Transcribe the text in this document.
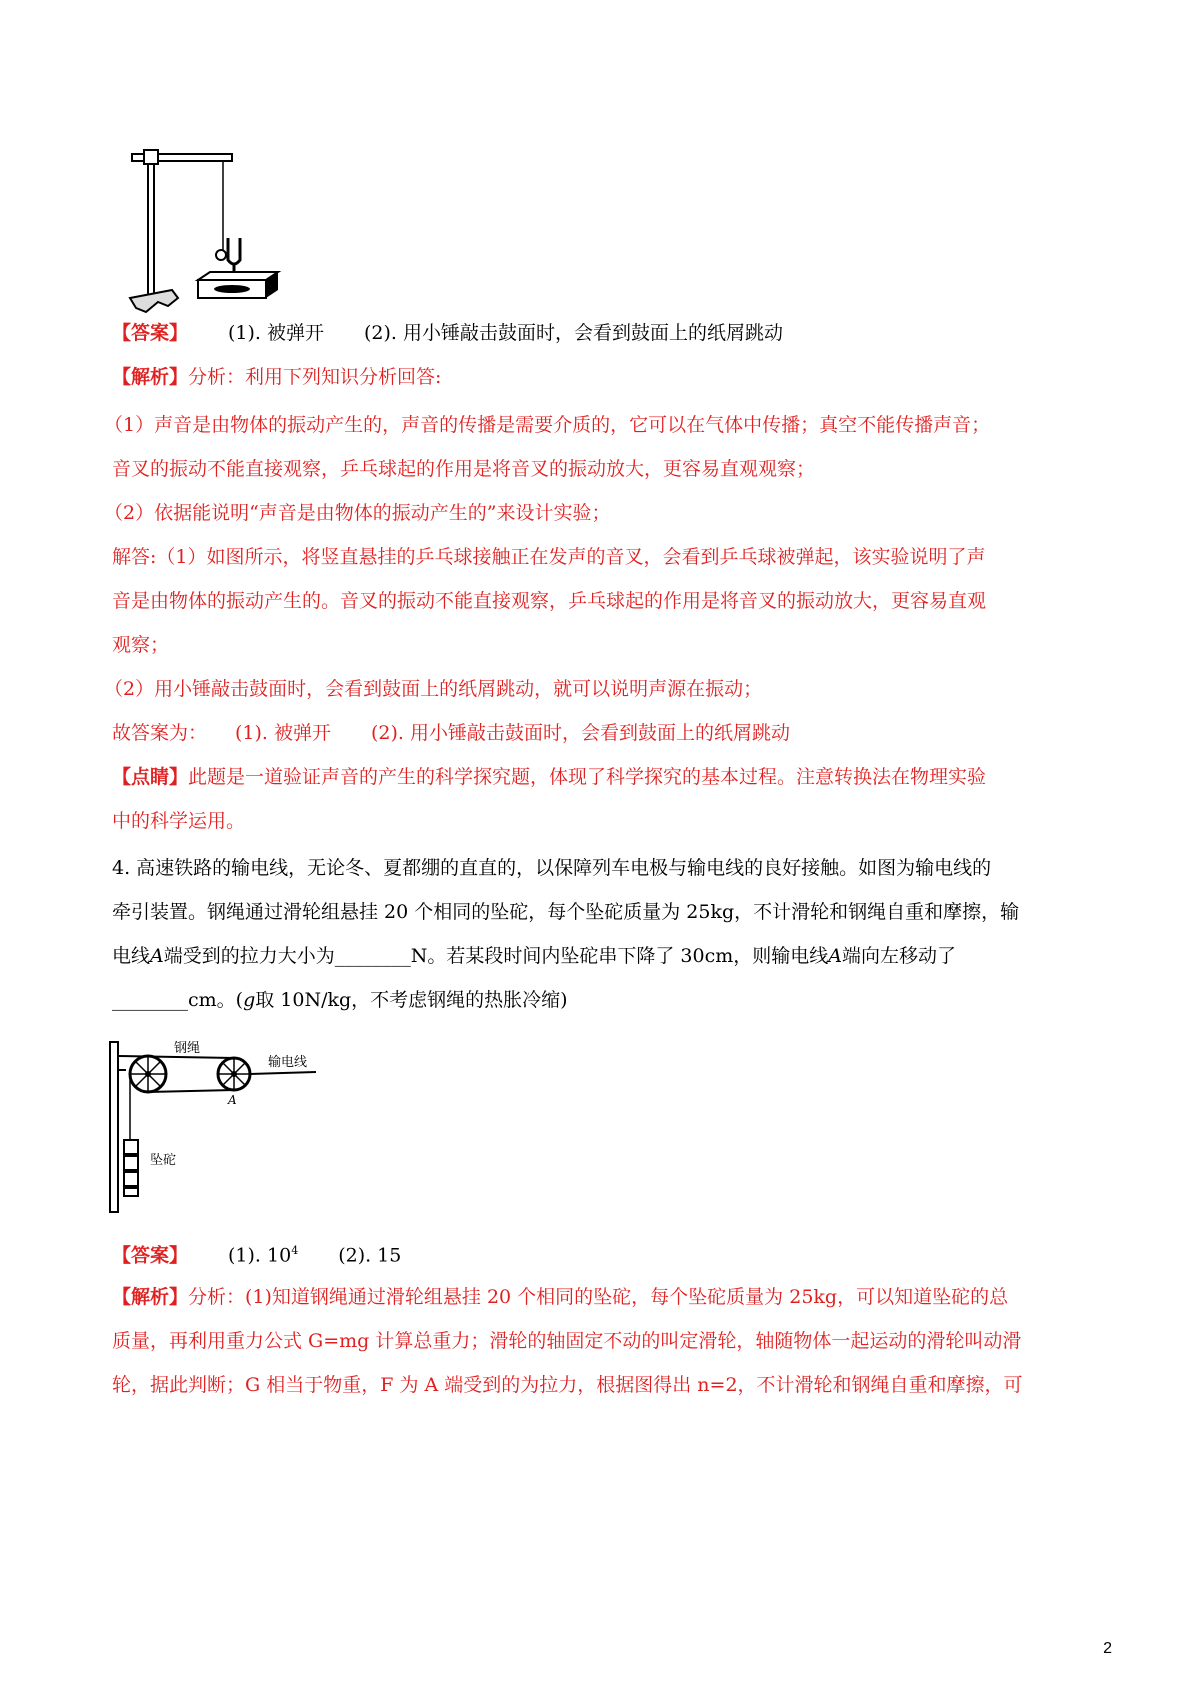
【答案】 (1). 被弹开 (2). 用小锤敲击鼓面时，会看到鼓面上的纸屑跳动
【解析】分析：利用下列知识分析回答:
（1）声音是由物体的振动产生的，声音的传播是需要介质的，它可以在气体中传播；真空不能传播声音；
音叉的振动不能直接观察，乒乓球起的作用是将音叉的振动放大，更容易直观观察；
（2）依据能说明“声音是由物体的振动产生的”来设计实验；
解答:（1）如图所示，将竖直悬挂的乒乓球接触正在发声的音叉，会看到乒乓球被弹起，该实验说明了声
音是由物体的振动产生的。音叉的振动不能直接观察，乒乓球起的作用是将音叉的振动放大，更容易直观
观察；
（2）用小锤敲击鼓面时，会看到鼓面上的纸屑跳动，就可以说明声源在振动；
故答案为： (1). 被弹开 (2). 用小锤敲击鼓面时，会看到鼓面上的纸屑跳动
【点睛】此题是一道验证声音的产生的科学探究题，体现了科学探究的基本过程。注意转换法在物理实验
中的科学运用。
4. 高速铁路的输电线，无论冬、夏都绷的直直的，以保障列车电极与输电线的良好接触。如图为输电线的
牵引装置。钢绳通过滑轮组悬挂 20 个相同的坠砣，每个坠砣质量为 25kg，不计滑轮和钢绳自重和摩擦，输
电线A端受到的拉力大小为________N。若某段时间内坠砣串下降了 30cm，则输电线A端向左移动了
________cm。(g取 10N/kg，不考虑钢绳的热胀冷缩)
钢绳
输电线
A
坠砣
【答案】 (1). $10^4$ (2). 15
【解析】分析：(1)知道钢绳通过滑轮组悬挂 20 个相同的坠砣，每个坠砣质量为 25kg，可以知道坠砣的总
质量，再利用重力公式 G=mg 计算总重力；滑轮的轴固定不动的叫定滑轮，轴随物体一起运动的滑轮叫动滑
轮，据此判断；G 相当于物重，F 为 A 端受到的为拉力，根据图得出 n=2，不计滑轮和钢绳自重和摩擦，可
2
